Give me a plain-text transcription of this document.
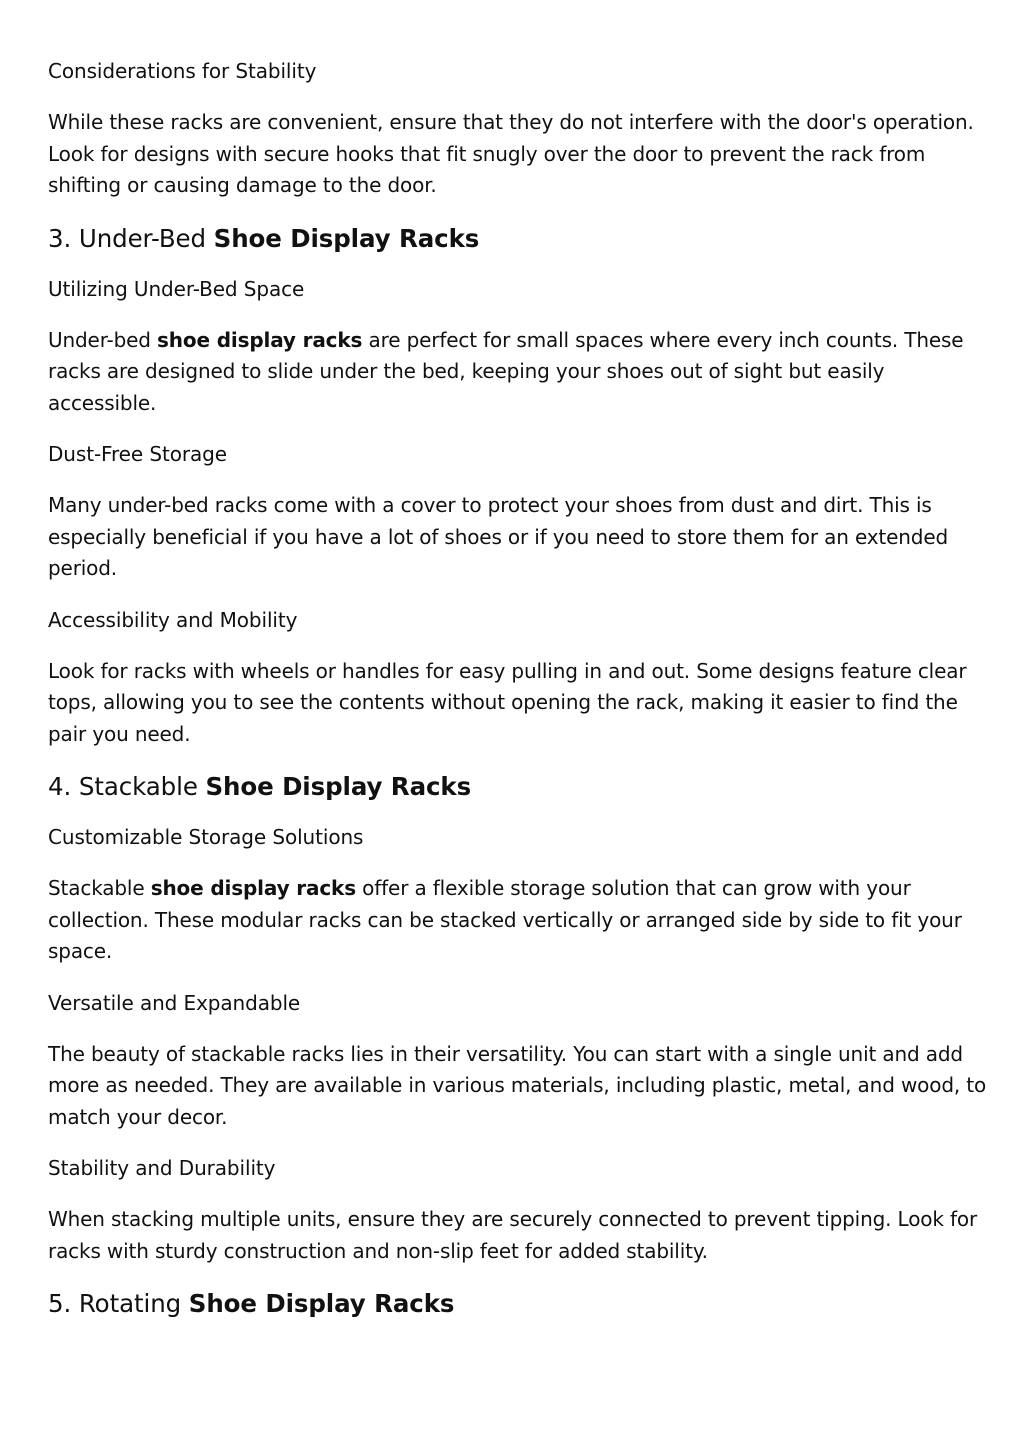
Considerations for Stability

While these racks are convenient, ensure that they do not interfere with the door's operation. Look for designs with secure hooks that fit snugly over the door to prevent the rack from shifting or causing damage to the door.

3. Under-Bed Shoe Display Racks

Utilizing Under-Bed Space

Under-bed shoe display racks are perfect for small spaces where every inch counts. These racks are designed to slide under the bed, keeping your shoes out of sight but easily accessible.

Dust-Free Storage

Many under-bed racks come with a cover to protect your shoes from dust and dirt. This is especially beneficial if you have a lot of shoes or if you need to store them for an extended period.

Accessibility and Mobility

Look for racks with wheels or handles for easy pulling in and out. Some designs feature clear tops, allowing you to see the contents without opening the rack, making it easier to find the pair you need.

4. Stackable Shoe Display Racks

Customizable Storage Solutions

Stackable shoe display racks offer a flexible storage solution that can grow with your collection. These modular racks can be stacked vertically or arranged side by side to fit your space.

Versatile and Expandable

The beauty of stackable racks lies in their versatility. You can start with a single unit and add more as needed. They are available in various materials, including plastic, metal, and wood, to match your decor.

Stability and Durability

When stacking multiple units, ensure they are securely connected to prevent tipping. Look for racks with sturdy construction and non-slip feet for added stability.

5. Rotating Shoe Display Racks
